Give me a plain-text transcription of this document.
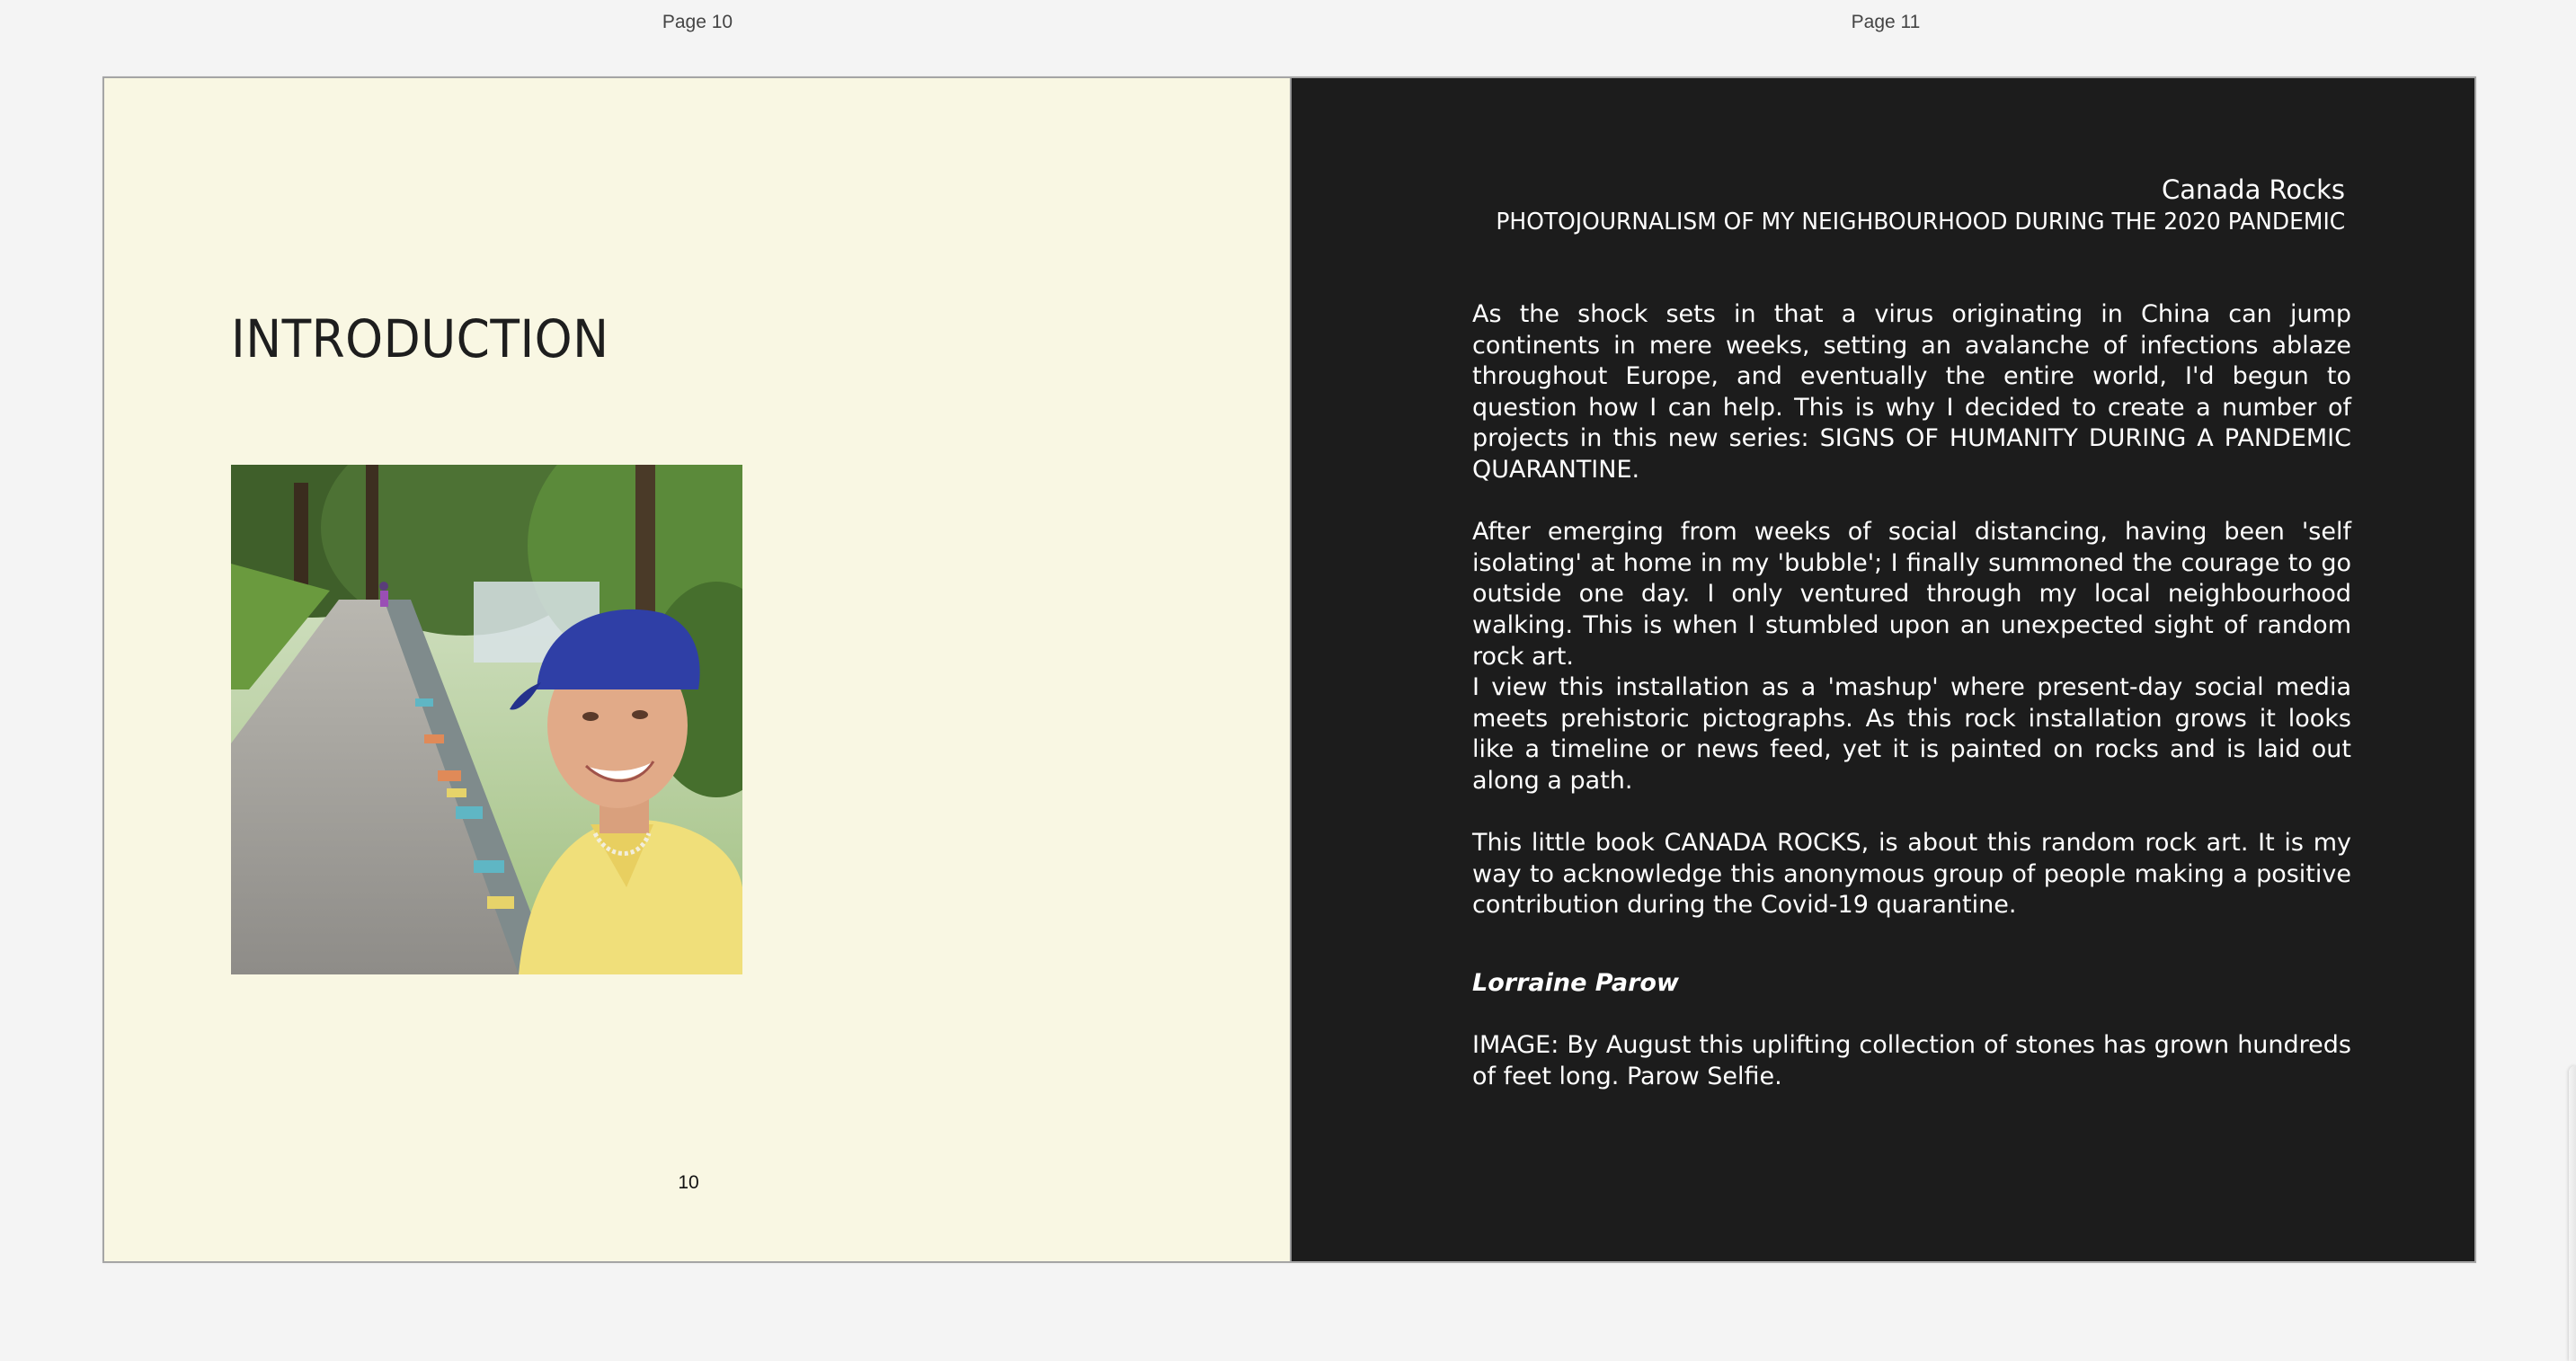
Page 10	Page 11
INTRODUCTION
10
Canada Rocks
PHOTOJOURNALISM OF MY NEIGHBOURHOOD DURING THE 2020 PANDEMIC

As the shock sets in that a virus originating in China can jump continents in mere weeks, setting an avalanche of infections ablaze throughout Europe, and eventually the entire world, I'd begun to question how I can help. This is why I decided to create a number of projects in this new series: SIGNS OF HUMANITY DURING A PANDEMIC QUARANTINE.

After emerging from weeks of social distancing, having been 'self isolating' at home in my 'bubble'; I finally summoned the courage to go outside one day. I only ventured through my local neighbourhood walking. This is when I stumbled upon an unexpected sight of random rock art.

I view this installation as a 'mashup' where present-day social media meets prehistoric pictographs. As this rock installation grows it looks like a timeline or news feed, yet it is painted on rocks and is laid out along a path.

This little book CANADA ROCKS, is about this random rock art. It is my way to acknowledge this anonymous group of people making a positive contribution during the Covid-19 quarantine.

Lorraine Parow

IMAGE: By August this uplifting collection of stones has grown hundreds of feet long. Parow Selfie.
